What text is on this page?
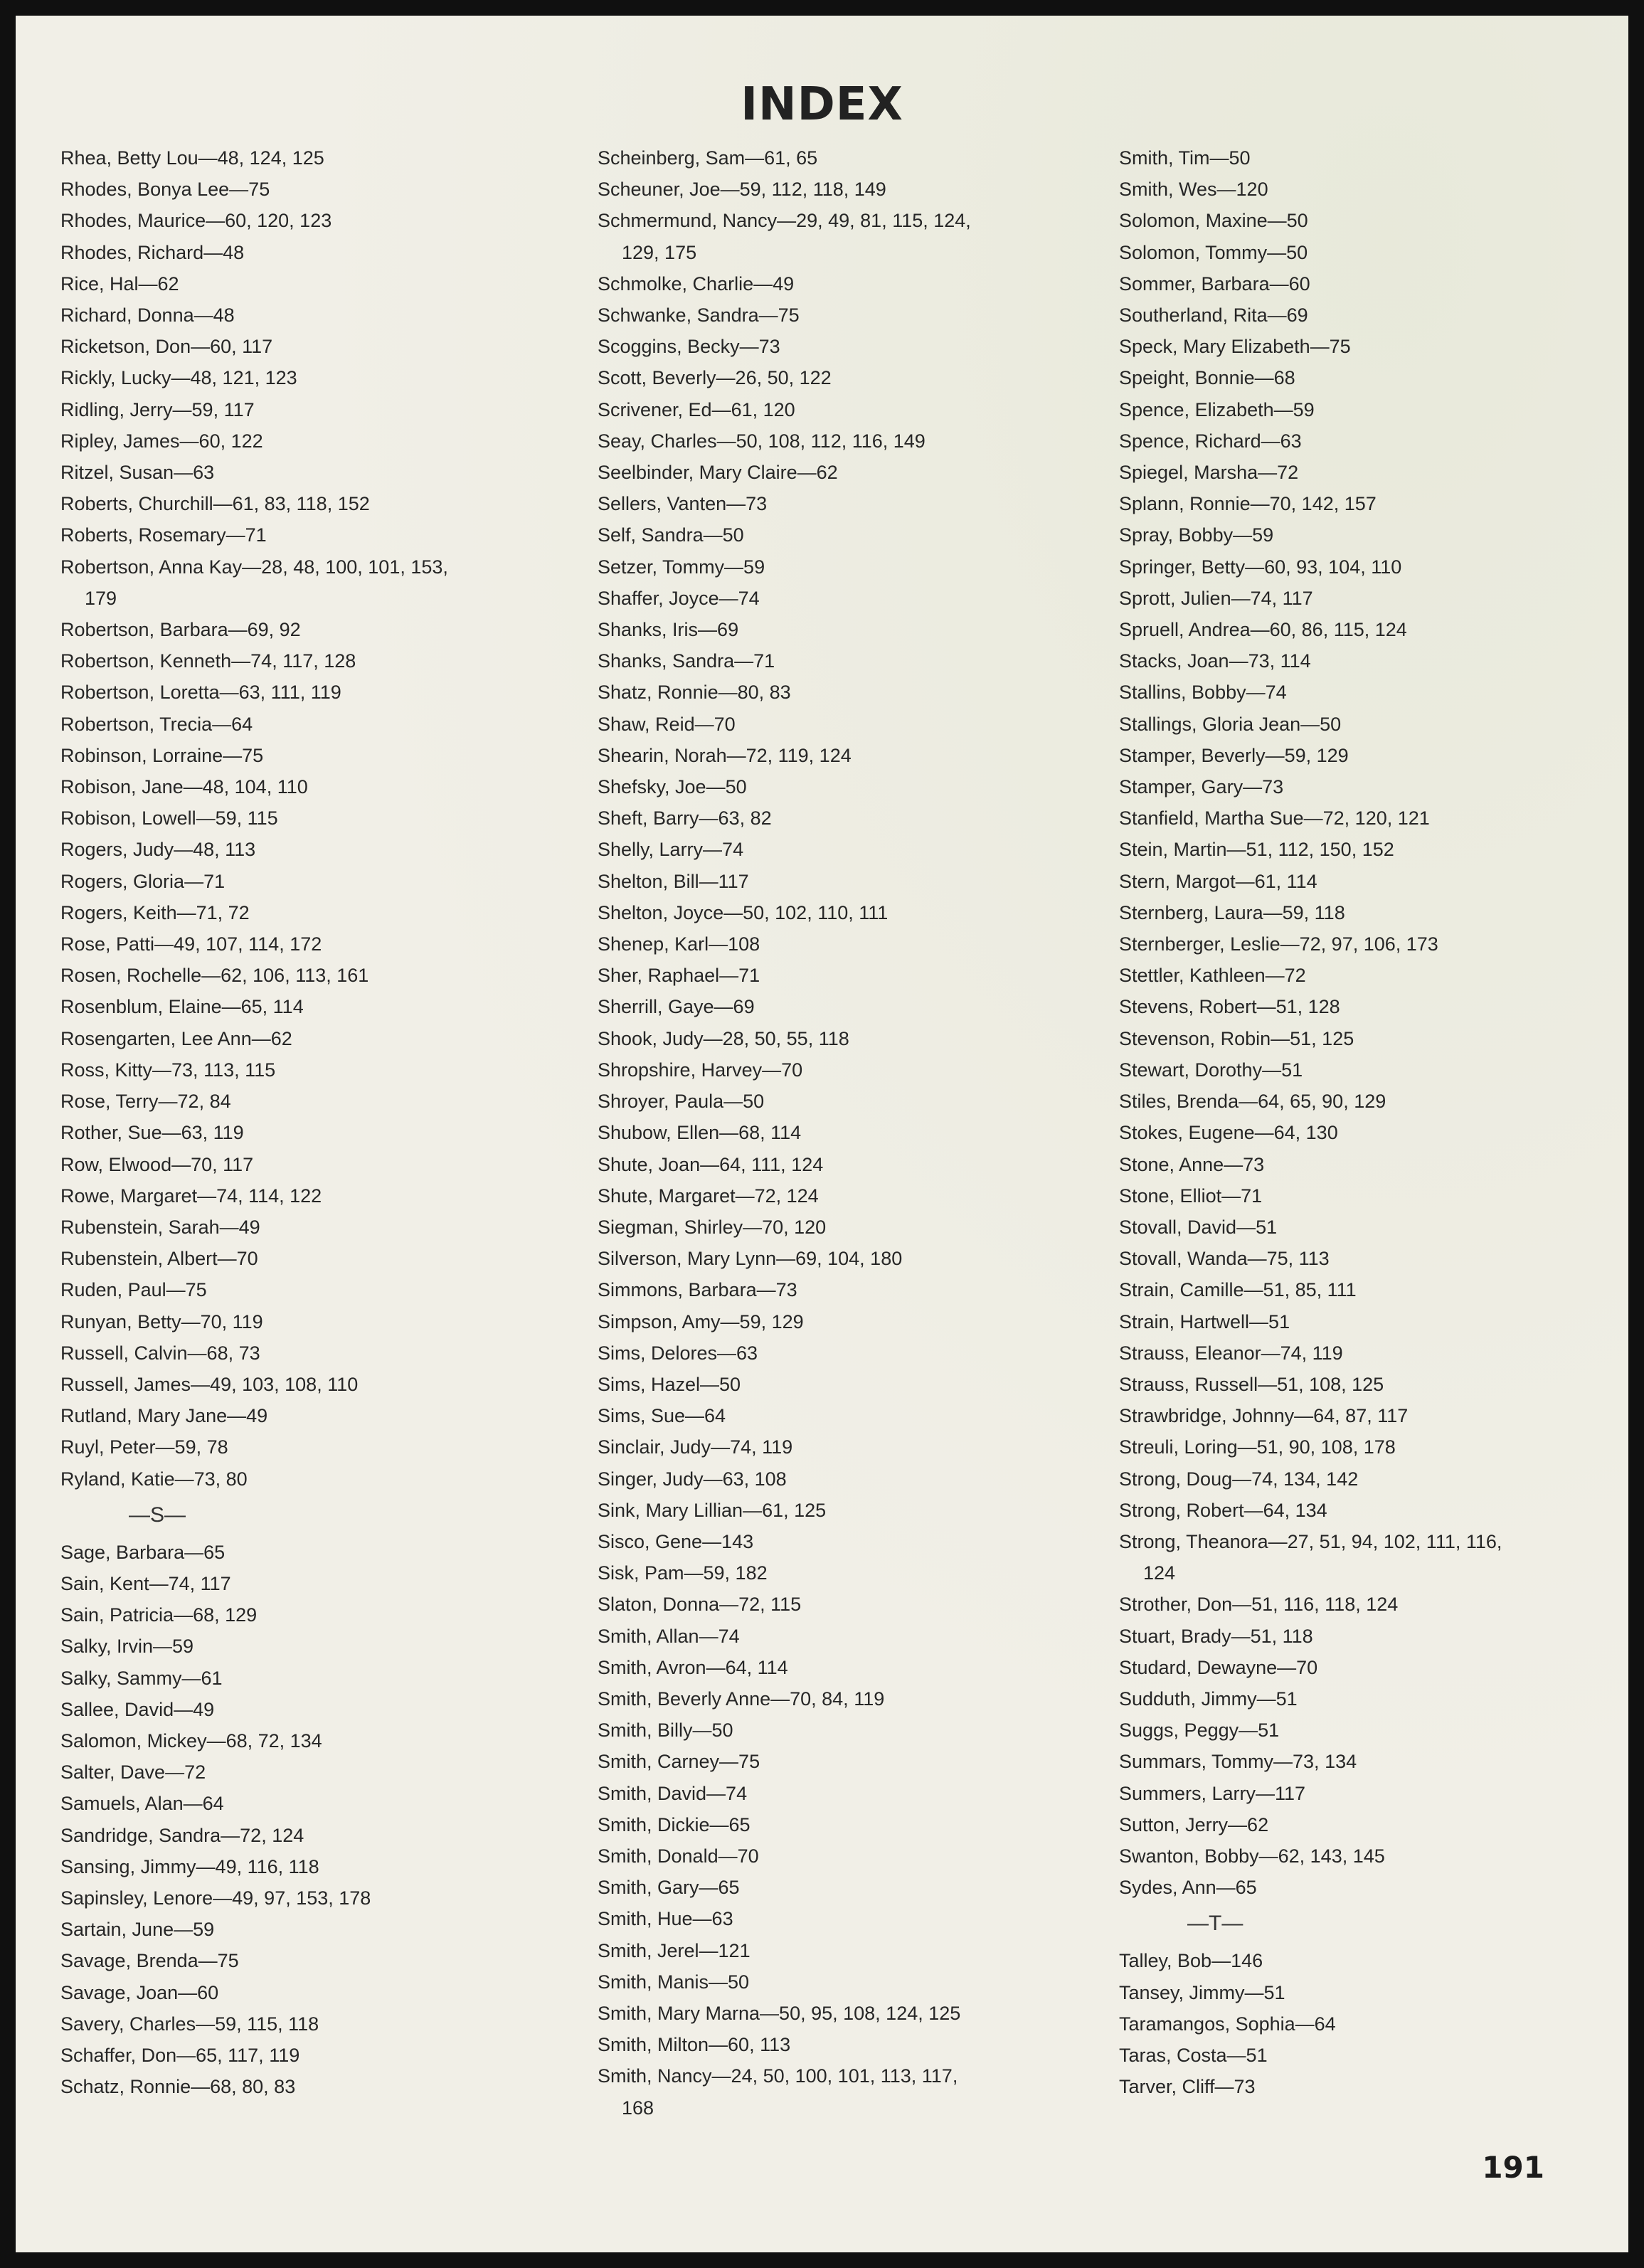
INDEX
Rhea, Betty Lou—48, 124, 125
Rhodes, Bonya Lee—75
Rhodes, Maurice—60, 120, 123
Rhodes, Richard—48
Rice, Hal—62
Richard, Donna—48
Ricketson, Don—60, 117
Rickly, Lucky—48, 121, 123
Ridling, Jerry—59, 117
Ripley, James—60, 122
Ritzel, Susan—63
Roberts, Churchill—61, 83, 118, 152
Roberts, Rosemary—71
Robertson, Anna Kay—28, 48, 100, 101, 153,
179
Robertson, Barbara—69, 92
Robertson, Kenneth—74, 117, 128
Robertson, Loretta—63, 111, 119
Robertson, Trecia—64
Robinson, Lorraine—75
Robison, Jane—48, 104, 110
Robison, Lowell—59, 115
Rogers, Judy—48, 113
Rogers, Gloria—71
Rogers, Keith—71, 72
Rose, Patti—49, 107, 114, 172
Rosen, Rochelle—62, 106, 113, 161
Rosenblum, Elaine—65, 114
Rosengarten, Lee Ann—62
Ross, Kitty—73, 113, 115
Rose, Terry—72, 84
Rother, Sue—63, 119
Row, Elwood—70, 117
Rowe, Margaret—74, 114, 122
Rubenstein, Sarah—49
Rubenstein, Albert—70
Ruden, Paul—75
Runyan, Betty—70, 119
Russell, Calvin—68, 73
Russell, James—49, 103, 108, 110
Rutland, Mary Jane—49
Ruyl, Peter—59, 78
Ryland, Katie—73, 80
—S—
Sage, Barbara—65
Sain, Kent—74, 117
Sain, Patricia—68, 129
Salky, Irvin—59
Salky, Sammy—61
Sallee, David—49
Salomon, Mickey—68, 72, 134
Salter, Dave—72
Samuels, Alan—64
Sandridge, Sandra—72, 124
Sansing, Jimmy—49, 116, 118
Sapinsley, Lenore—49, 97, 153, 178
Sartain, June—59
Savage, Brenda—75
Savage, Joan—60
Savery, Charles—59, 115, 118
Schaffer, Don—65, 117, 119
Schatz, Ronnie—68, 80, 83
Scheinberg, Sam—61, 65
Scheuner, Joe—59, 112, 118, 149
Schmermund, Nancy—29, 49, 81, 115, 124,
129, 175
Schmolke, Charlie—49
Schwanke, Sandra—75
Scoggins, Becky—73
Scott, Beverly—26, 50, 122
Scrivener, Ed—61, 120
Seay, Charles—50, 108, 112, 116, 149
Seelbinder, Mary Claire—62
Sellers, Vanten—73
Self, Sandra—50
Setzer, Tommy—59
Shaffer, Joyce—74
Shanks, Iris—69
Shanks, Sandra—71
Shatz, Ronnie—80, 83
Shaw, Reid—70
Shearin, Norah—72, 119, 124
Shefsky, Joe—50
Sheft, Barry—63, 82
Shelly, Larry—74
Shelton, Bill—117
Shelton, Joyce—50, 102, 110, 111
Shenep, Karl—108
Sher, Raphael—71
Sherrill, Gaye—69
Shook, Judy—28, 50, 55, 118
Shropshire, Harvey—70
Shroyer, Paula—50
Shubow, Ellen—68, 114
Shute, Joan—64, 111, 124
Shute, Margaret—72, 124
Siegman, Shirley—70, 120
Silverson, Mary Lynn—69, 104, 180
Simmons, Barbara—73
Simpson, Amy—59, 129
Sims, Delores—63
Sims, Hazel—50
Sims, Sue—64
Sinclair, Judy—74, 119
Singer, Judy—63, 108
Sink, Mary Lillian—61, 125
Sisco, Gene—143
Sisk, Pam—59, 182
Slaton, Donna—72, 115
Smith, Allan—74
Smith, Avron—64, 114
Smith, Beverly Anne—70, 84, 119
Smith, Billy—50
Smith, Carney—75
Smith, David—74
Smith, Dickie—65
Smith, Donald—70
Smith, Gary—65
Smith, Hue—63
Smith, Jerel—121
Smith, Manis—50
Smith, Mary Marna—50, 95, 108, 124, 125
Smith, Milton—60, 113
Smith, Nancy—24, 50, 100, 101, 113, 117,
168
Smith, Tim—50
Smith, Wes—120
Solomon, Maxine—50
Solomon, Tommy—50
Sommer, Barbara—60
Southerland, Rita—69
Speck, Mary Elizabeth—75
Speight, Bonnie—68
Spence, Elizabeth—59
Spence, Richard—63
Spiegel, Marsha—72
Splann, Ronnie—70, 142, 157
Spray, Bobby—59
Springer, Betty—60, 93, 104, 110
Sprott, Julien—74, 117
Spruell, Andrea—60, 86, 115, 124
Stacks, Joan—73, 114
Stallins, Bobby—74
Stallings, Gloria Jean—50
Stamper, Beverly—59, 129
Stamper, Gary—73
Stanfield, Martha Sue—72, 120, 121
Stein, Martin—51, 112, 150, 152
Stern, Margot—61, 114
Sternberg, Laura—59, 118
Sternberger, Leslie—72, 97, 106, 173
Stettler, Kathleen—72
Stevens, Robert—51, 128
Stevenson, Robin—51, 125
Stewart, Dorothy—51
Stiles, Brenda—64, 65, 90, 129
Stokes, Eugene—64, 130
Stone, Anne—73
Stone, Elliot—71
Stovall, David—51
Stovall, Wanda—75, 113
Strain, Camille—51, 85, 111
Strain, Hartwell—51
Strauss, Eleanor—74, 119
Strauss, Russell—51, 108, 125
Strawbridge, Johnny—64, 87, 117
Streuli, Loring—51, 90, 108, 178
Strong, Doug—74, 134, 142
Strong, Robert—64, 134
Strong, Theanora—27, 51, 94, 102, 111, 116,
124
Strother, Don—51, 116, 118, 124
Stuart, Brady—51, 118
Studard, Dewayne—70
Sudduth, Jimmy—51
Suggs, Peggy—51
Summars, Tommy—73, 134
Summers, Larry—117
Sutton, Jerry—62
Swanton, Bobby—62, 143, 145
Sydes, Ann—65
—T—
Talley, Bob—146
Tansey, Jimmy—51
Taramangos, Sophia—64
Taras, Costa—51
Tarver, Cliff—73
191
